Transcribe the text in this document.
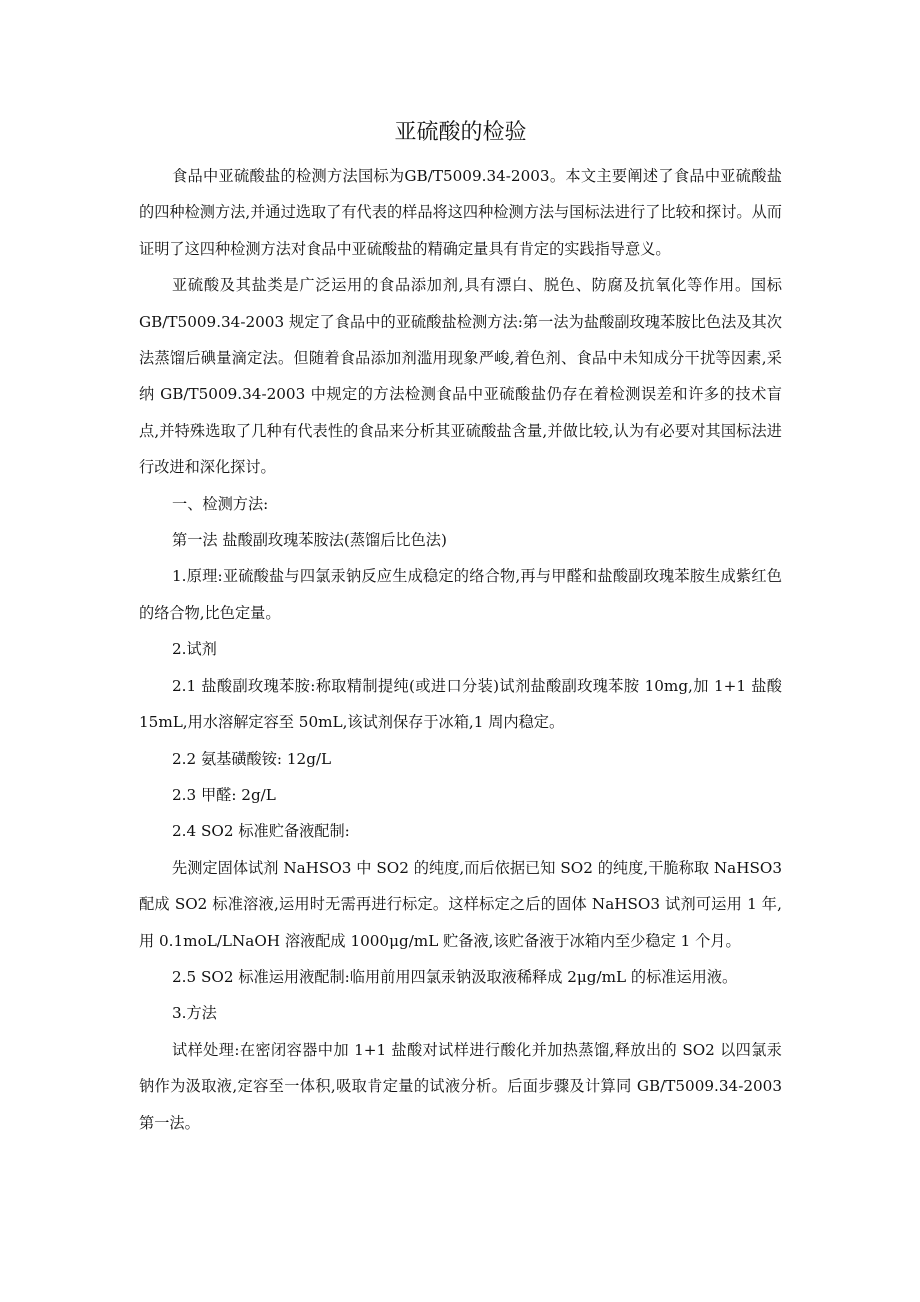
亚硫酸的检验

食品中亚硫酸盐的检测方法国标为GB/T5009.34-2003。本文主要阐述了食品中亚硫酸盐的四种检测方法,并通过选取了有代表的样品将这四种检测方法与国标法进行了比较和探讨。从而证明了这四种检测方法对食品中亚硫酸盐的精确定量具有肯定的实践指导意义。

亚硫酸及其盐类是广泛运用的食品添加剂,具有漂白、脱色、防腐及抗氧化等作用。国标 GB/T5009.34-2003 规定了食品中的亚硫酸盐检测方法:第一法为盐酸副玫瑰苯胺比色法及其次法蒸馏后碘量滴定法。但随着食品添加剂滥用现象严峻,着色剂、食品中未知成分干扰等因素,采纳 GB/T5009.34-2003 中规定的方法检测食品中亚硫酸盐仍存在着检测误差和许多的技术盲点,并特殊选取了几种有代表性的食品来分析其亚硫酸盐含量,并做比较,认为有必要对其国标法进行改进和深化探讨。

一、检测方法:

第一法 盐酸副玫瑰苯胺法(蒸馏后比色法)

1.原理:亚硫酸盐与四氯汞钠反应生成稳定的络合物,再与甲醛和盐酸副玫瑰苯胺生成紫红色的络合物,比色定量。

2.试剂

2.1 盐酸副玫瑰苯胺:称取精制提纯(或进口分装)试剂盐酸副玫瑰苯胺 10mg,加 1+1 盐酸 15mL,用水溶解定容至 50mL,该试剂保存于冰箱,1 周内稳定。

2.2 氨基磺酸铵: 12g/L

2.3 甲醛: 2g/L

2.4 SO2 标准贮备液配制:

先测定固体试剂 NaHSO3 中 SO2 的纯度,而后依据已知 SO2 的纯度,干脆称取 NaHSO3 配成 SO2 标准溶液,运用时无需再进行标定。这样标定之后的固体 NaHSO3 试剂可运用 1 年,用 0.1moL/LNaOH 溶液配成 1000μg/mL 贮备液,该贮备液于冰箱内至少稳定 1 个月。

2.5 SO2 标准运用液配制:临用前用四氯汞钠汲取液稀释成 2μg/mL 的标准运用液。

3.方法

试样处理:在密闭容器中加 1+1 盐酸对试样进行酸化并加热蒸馏,释放出的 SO2 以四氯汞钠作为汲取液,定容至一体积,吸取肯定量的试液分析。后面步骤及计算同 GB/T5009.34-2003 第一法。
